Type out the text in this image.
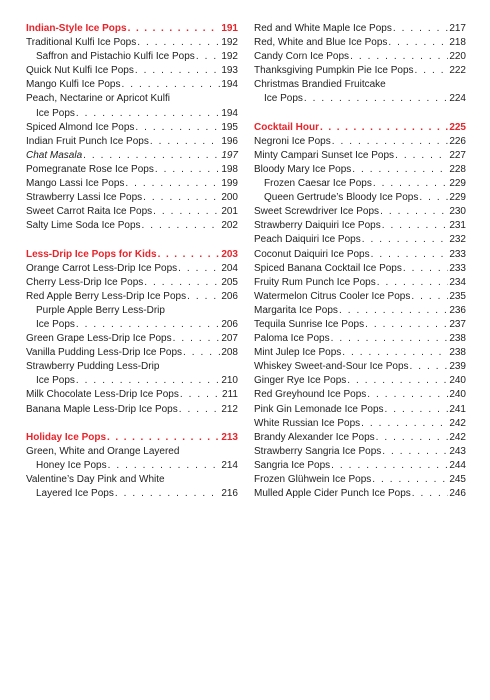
Indian-Style Ice Pops . . .	191
Traditional Kulfi Ice Pops . . .	192
Saffron and Pistachio Kulfi Ice Pops . . .	192
Quick Nut Kulfi Ice Pops . . .	193
Mango Kulfi Ice Pops . . .	194
Peach, Nectarine or Apricot Kulfi
Ice Pops . . .	194
Spiced Almond Ice Pops . . .	195
Indian Fruit Punch Ice Pops . . .	196
Chat Masala . . .	197
Pomegranate Rose Ice Pops . . .	198
Mango Lassi Ice Pops . . .	199
Strawberry Lassi Ice Pops . . .	200
Sweet Carrot Raita Ice Pops . . .	201
Salty Lime Soda Ice Pops . . .	202
Less-Drip Ice Pops for Kids . . .	203
Orange Carrot Less-Drip Ice Pops . . .	204
Cherry Less-Drip Ice Pops . . .	205
Red Apple Berry Less-Drip Ice Pops . . .	206
Purple Apple Berry Less-Drip
Ice Pops . . .	206
Green Grape Less-Drip Ice Pops . . .	207
Vanilla Pudding Less-Drip Ice Pops . . .	208
Strawberry Pudding Less-Drip
Ice Pops . . .	210
Milk Chocolate Less-Drip Ice Pops . . .	211
Banana Maple Less-Drip Ice Pops . . .	212
Holiday Ice Pops . . .	213
Green, White and Orange Layered
Honey Ice Pops . . .	214
Valentine’s Day Pink and White
Layered Ice Pops . . .	216
Red and White Maple Ice Pops . . .	217
Red, White and Blue Ice Pops . . .	218
Candy Corn Ice Pops . . .	220
Thanksgiving Pumpkin Pie Ice Pops . . .	222
Christmas Brandied Fruitcake
Ice Pops . . .	224
Cocktail Hour . . .	225
Negroni Ice Pops . . .	226
Minty Campari Sunset Ice Pops . . .	227
Bloody Mary Ice Pops . . .	228
Frozen Caesar Ice Pops . . .	229
Queen Gertrude’s Bloody Ice Pops . . .	229
Sweet Screwdriver Ice Pops . . .	230
Strawberry Daiquiri Ice Pops . . .	231
Peach Daiquiri Ice Pops . . .	232
Coconut Daiquiri Ice Pops . . .	233
Spiced Banana Cocktail Ice Pops . . .	233
Fruity Rum Punch Ice Pops . . .	234
Watermelon Citrus Cooler Ice Pops . . .	235
Margarita Ice Pops . . .	236
Tequila Sunrise Ice Pops . . .	237
Paloma Ice Pops . . .	238
Mint Julep Ice Pops . . .	238
Whiskey Sweet-and-Sour Ice Pops . . .	239
Ginger Rye Ice Pops . . .	240
Red Greyhound Ice Pops . . .	240
Pink Gin Lemonade Ice Pops . . .	241
White Russian Ice Pops . . .	242
Brandy Alexander Ice Pops . . .	242
Strawberry Sangria Ice Pops . . .	243
Sangria Ice Pops . . .	244
Frozen Glühwein Ice Pops . . .	245
Mulled Apple Cider Punch Ice Pops . . .	246
